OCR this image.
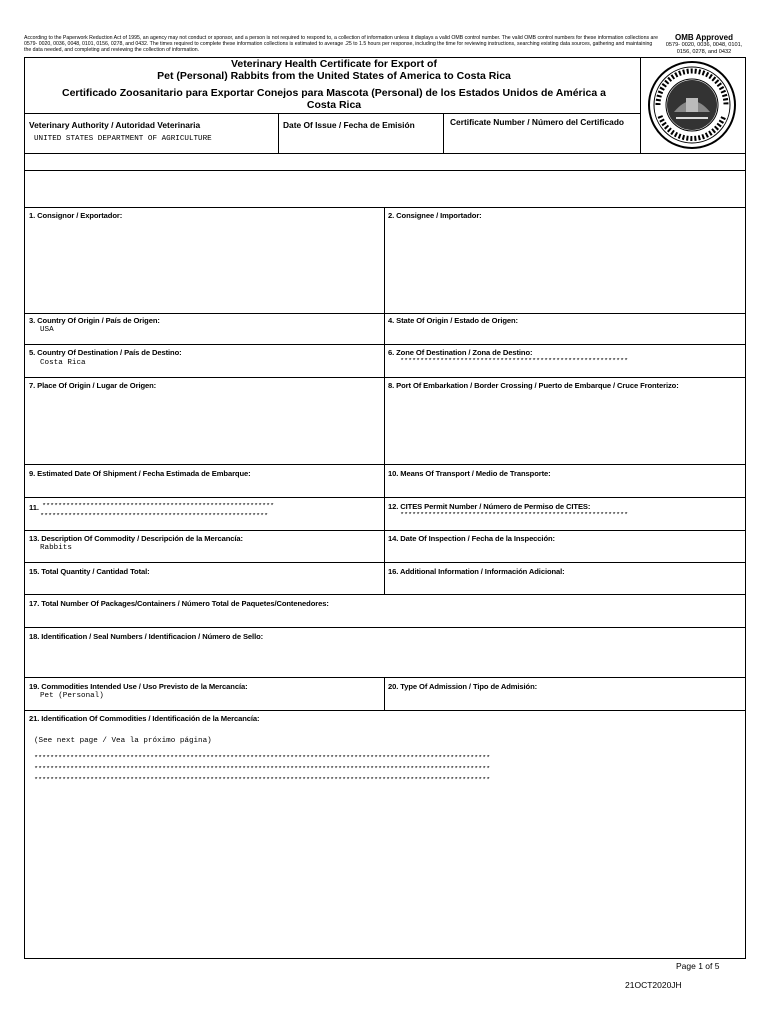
According to the Paperwork Reduction Act of 1995, an agency may not conduct or sponsor, and a person is not required to respond to, a collection of information unless it displays a valid OMB control number. The valid OMB control numbers for these information collections are 0579- 0020, 0036, 0048, 0101, 0156, 0278, and 0432. The times required to complete these information collections is estimated to average .25 to 1.5 hours per response, including the time for reviewing instructions, searching existing data sources, gathering and maintaining the data needed, and completing and reviewing the collection of information.
OMB Approved
0579- 0020, 0036, 0048, 0101, 0156, 0278, and 0432
Veterinary Health Certificate for Export of
Pet (Personal) Rabbits from the United States of America to Costa Rica
Certificado Zoosanitario para Exportar Conejos para Mascota (Personal) de los Estados Unidos de América a
Costa Rica
Veterinary Authority / Autoridad Veterinaria
UNITED STATES DEPARTMENT OF AGRICULTURE
Date Of Issue / Fecha de Emisión	Certificate Number / Número del Certificado
1. Consignor / Exportador:	2. Consignee / Importador:
3. Country Of Origin / País de Origen:
USA
4. State Of Origin / Estado de Origen:
5. Country Of Destination / País de Destino:
Costa Rica
6. Zone Of Destination / Zona de Destino:
*********************************************************
7. Place Of Origin / Lugar de Origen:	8. Port Of Embarkation / Border Crossing / Puerto de Embarque / Cruce Fronterizo:
9. Estimated Date Of Shipment / Fecha Estimada de Embarque:	10. Means Of Transport / Medio de Transporte:
11. **********************************************************
*********************************************************
12. CITES Permit Number / Número de Permiso de CITES:
*********************************************************
13. Description Of Commodity / Descripción de la Mercancía:
Rabbits
14. Date Of Inspection / Fecha de la Inspección:
15. Total Quantity / Cantidad Total:	16. Additional Information / Información Adicional:
17. Total Number Of Packages/Containers / Número Total de Paquetes/Contenedores:
18. Identification / Seal Numbers / Identificacion / Número de Sello:
19. Commodities Intended Use / Uso Previsto de la Mercancía:
Pet (Personal)
20. Type Of Admission / Tipo de Admisión:
21. Identification Of Commodities / Identificación de la Mercancía:
(See next page / Vea la próximo página)
******************************************************************************************************************
******************************************************************************************************************
******************************************************************************************************************
Page 1 of 5
21OCT2020JH
